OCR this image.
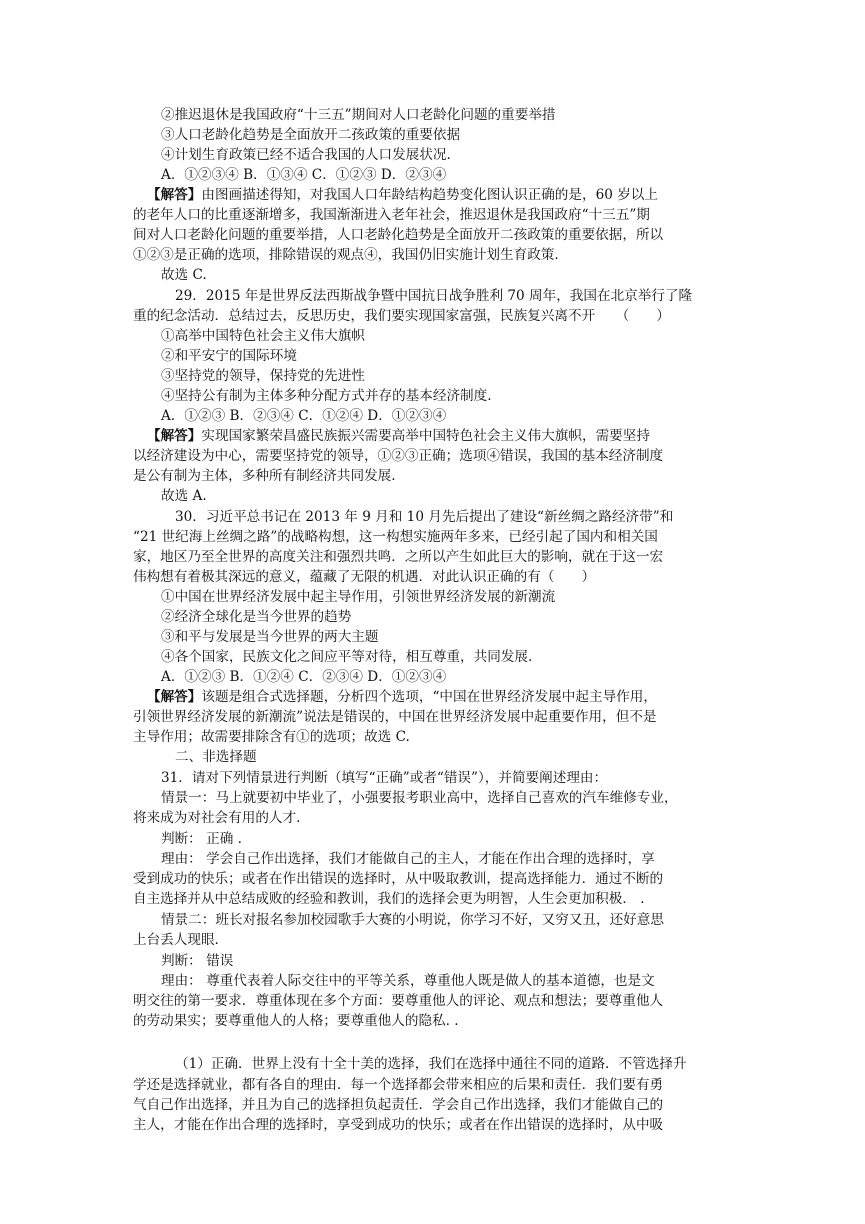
②推迟退休是我国政府“十三五”期间对人口老龄化问题的重要举措
③人口老龄化趋势是全面放开二孩政策的重要依据
④计划生育政策已经不适合我国的人口发展状况.
A．①②③④ B．①③④ C．①②③ D．②③④
【解答】由图画描述得知，对我国人口年龄结构趋势变化图认识正确的是，60 岁以上
的老年人口的比重逐渐增多，我国渐渐进入老年社会，推迟退休是我国政府“十三五”期
间对人口老龄化问题的重要举措，人口老龄化趋势是全面放开二孩政策的重要依据，所以
①②③是正确的选项，排除错误的观点④，我国仍旧实施计划生育政策.
故选 C.
29．2015 年是世界反法西斯战争暨中国抗日战争胜利 70 周年，我国在北京举行了隆
重的纪念活动．总结过去，反思历史，我们要实现国家富强，民族复兴离不开　　（　　）
①高举中国特色社会主义伟大旗帜
②和平安宁的国际环境
③坚持党的领导，保持党的先进性
④坚持公有制为主体多种分配方式并存的基本经济制度.
A．①②③ B．②③④ C．①②④ D．①②③④
【解答】实现国家繁荣昌盛民族振兴需要高举中国特色社会主义伟大旗帜，需要坚持
以经济建设为中心，需要坚持党的领导，①②③正确；选项④错误，我国的基本经济制度
是公有制为主体，多种所有制经济共同发展.
故选 A.
30．习近平总书记在 2013 年 9 月和 10 月先后提出了建设“新丝绸之路经济带”和
“21 世纪海上丝绸之路”的战略构想，这一构想实施两年多来，已经引起了国内和相关国
家，地区乃至全世界的高度关注和强烈共鸣．之所以产生如此巨大的影响，就在于这一宏
伟构想有着极其深远的意义，蕴藏了无限的机遇．对此认识正确的有（　　）
①中国在世界经济发展中起主导作用，引领世界经济发展的新潮流
②经济全球化是当今世界的趋势
③和平与发展是当今世界的两大主题
④各个国家，民族文化之间应平等对待，相互尊重，共同发展.
A．①②③ B．①②④ C．②③④ D．①②③④
【解答】该题是组合式选择题，分析四个选项，“中国在世界经济发展中起主导作用，
引领世界经济发展的新潮流”说法是错误的，中国在世界经济发展中起重要作用，但不是
主导作用；故需要排除含有①的选项；故选 C.
二、非选择题
31．请对下列情景进行判断（填写“正确”或者“错误”），并简要阐述理由：
情景一：马上就要初中毕业了，小强要报考职业高中，选择自己喜欢的汽车维修专业，
将来成为对社会有用的人才.
判断： 正确 .
理由： 学会自己作出选择，我们才能做自己的主人，才能在作出合理的选择时，享
受到成功的快乐；或者在作出错误的选择时，从中吸取教训，提高选择能力．通过不断的
自主选择并从中总结成败的经验和教训，我们的选择会更为明智，人生会更加积极． .
情景二：班长对报名参加校园歌手大赛的小明说，你学习不好，又穷又丑，还好意思
上台丢人现眼.
判断： 错误
理由： 尊重代表着人际交往中的平等关系，尊重他人既是做人的基本道德，也是文
明交往的第一要求．尊重体现在多个方面：要尊重他人的评论、观点和想法；要尊重他人
的劳动果实；要尊重他人的人格；要尊重他人的隐私. .
（1）正确．世界上没有十全十美的选择，我们在选择中通往不同的道路．不管选择升
学还是选择就业，都有各自的理由．每一个选择都会带来相应的后果和责任．我们要有勇
气自己作出选择，并且为自己的选择担负起责任．学会自己作出选择，我们才能做自己的
主人，才能在作出合理的选择时，享受到成功的快乐；或者在作出错误的选择时，从中吸
